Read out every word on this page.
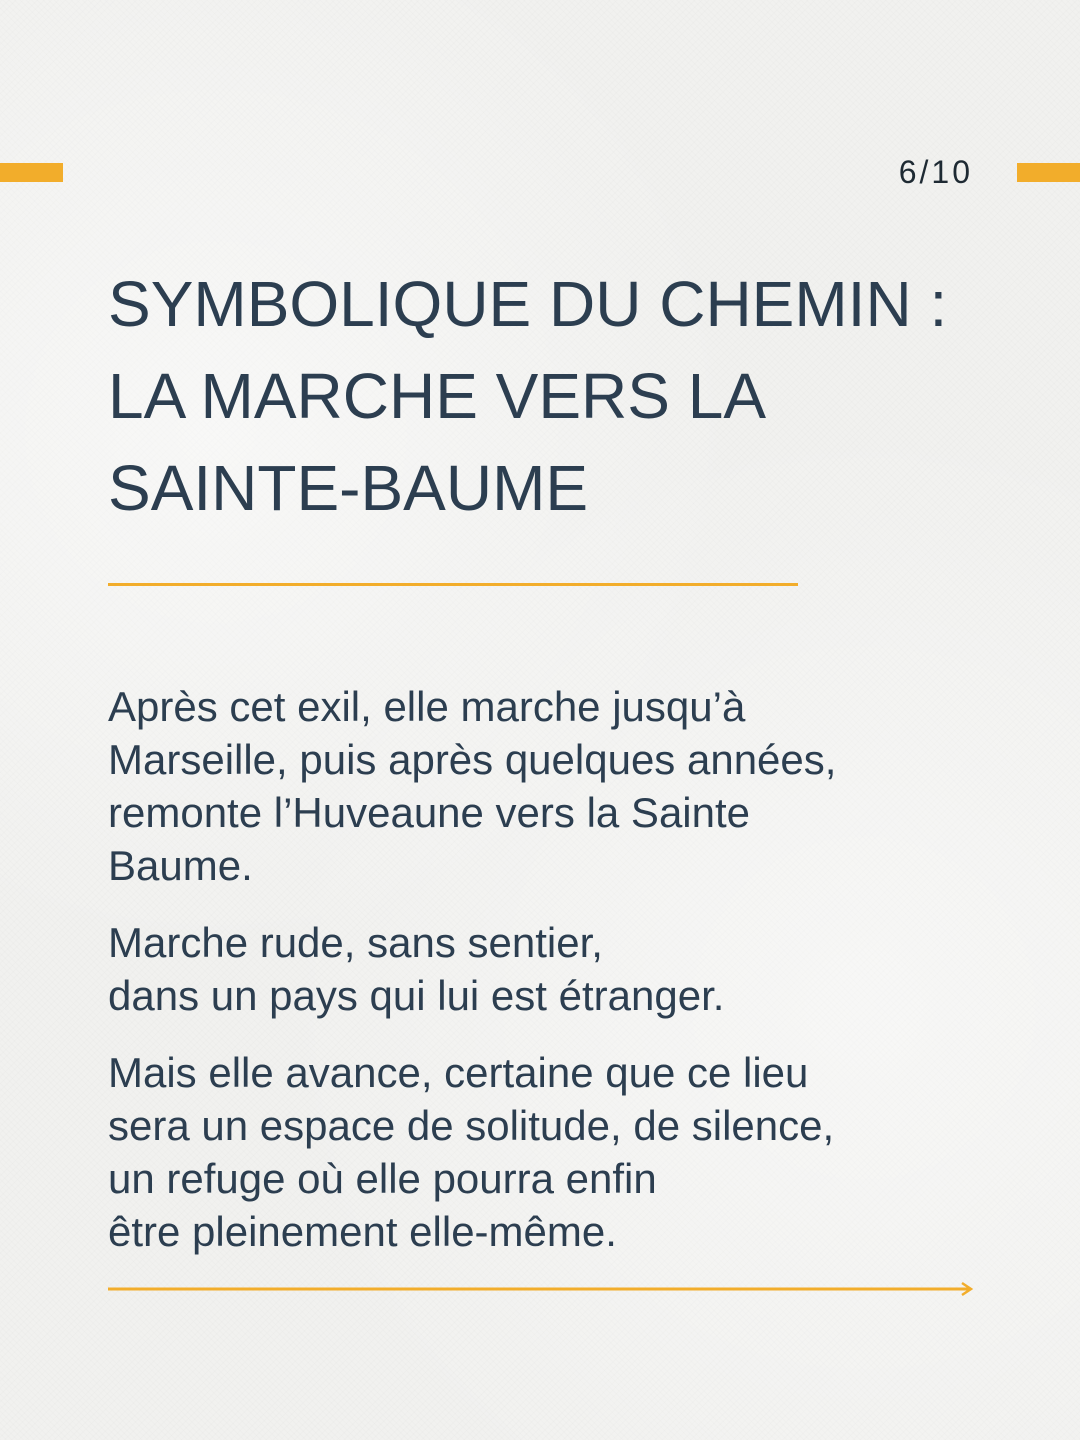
6/10
SYMBOLIQUE DU CHEMIN :
LA MARCHE VERS LA
SAINTE-BAUME

Après cet exil, elle marche jusqu’à
Marseille, puis après quelques années,
remonte l’Huveaune vers la Sainte
Baume.

Marche rude, sans sentier,
dans un pays qui lui est étranger.

Mais elle avance, certaine que ce lieu
sera un espace de solitude, de silence,
un refuge où elle pourra enfin
être pleinement elle-même.
